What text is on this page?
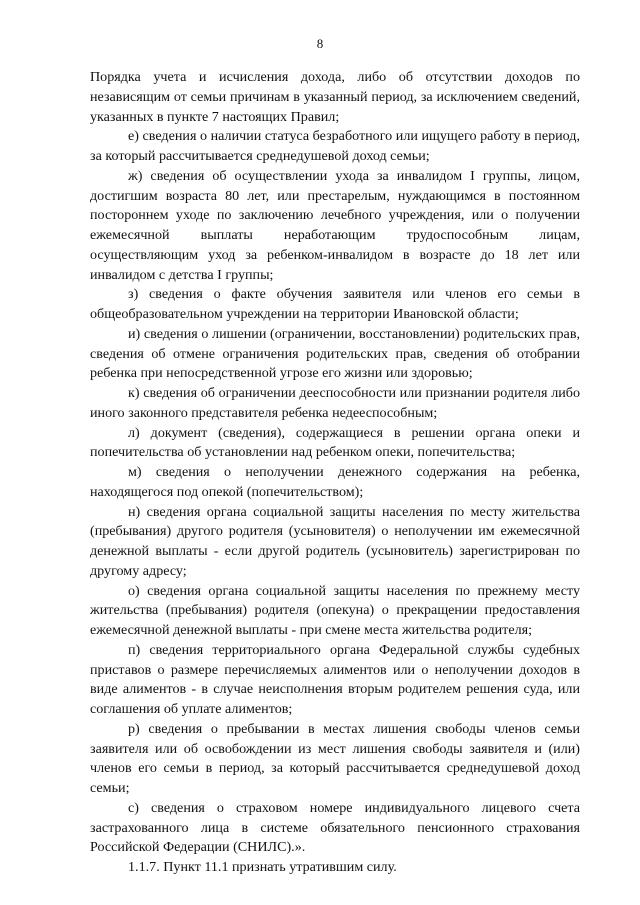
8

Порядка учета и исчисления дохода, либо об отсутствии доходов по независящим от семьи причинам в указанный период, за исключением сведений, указанных в пункте 7 настоящих Правил;

е) сведения о наличии статуса безработного или ищущего работу в период, за который рассчитывается среднедушевой доход семьи;

ж) сведения об осуществлении ухода за инвалидом I группы, лицом, достигшим возраста 80 лет, или престарелым, нуждающимся в постоянном постороннем уходе по заключению лечебного учреждения, или о получении ежемесячной выплаты неработающим трудоспособным лицам, осуществляющим уход за ребенком-инвалидом в возрасте до 18 лет или инвалидом с детства I группы;

з) сведения о факте обучения заявителя или членов его семьи в общеобразовательном учреждении на территории Ивановской области;

и) сведения о лишении (ограничении, восстановлении) родительских прав, сведения об отмене ограничения родительских прав, сведения об отобрании ребенка при непосредственной угрозе его жизни или здоровью;

к) сведения об ограничении дееспособности или признании родителя либо иного законного представителя ребенка недееспособным;

л) документ (сведения), содержащиеся в решении органа опеки и попечительства об установлении над ребенком опеки, попечительства;

м) сведения о неполучении денежного содержания на ребенка, находящегося под опекой (попечительством);

н) сведения органа социальной защиты населения по месту жительства (пребывания) другого родителя (усыновителя) о неполучении им ежемесячной денежной выплаты - если другой родитель (усыновитель) зарегистрирован по другому адресу;

о) сведения органа социальной защиты населения по прежнему месту жительства (пребывания) родителя (опекуна) о прекращении предоставления ежемесячной денежной выплаты - при смене места жительства родителя;

п) сведения территориального органа Федеральной службы судебных приставов о размере перечисляемых алиментов или о неполучении доходов в виде алиментов - в случае неисполнения вторым родителем решения суда, или соглашения об уплате алиментов;

р) сведения о пребывании в местах лишения свободы членов семьи заявителя или об освобождении из мест лишения свободы заявителя и (или) членов его семьи в период, за который рассчитывается среднедушевой доход семьи;

с) сведения о страховом номере индивидуального лицевого счета застрахованного лица в системе обязательного пенсионного страхования Российской Федерации (СНИЛС).».

1.1.7. Пункт 11.1 признать утратившим силу.
